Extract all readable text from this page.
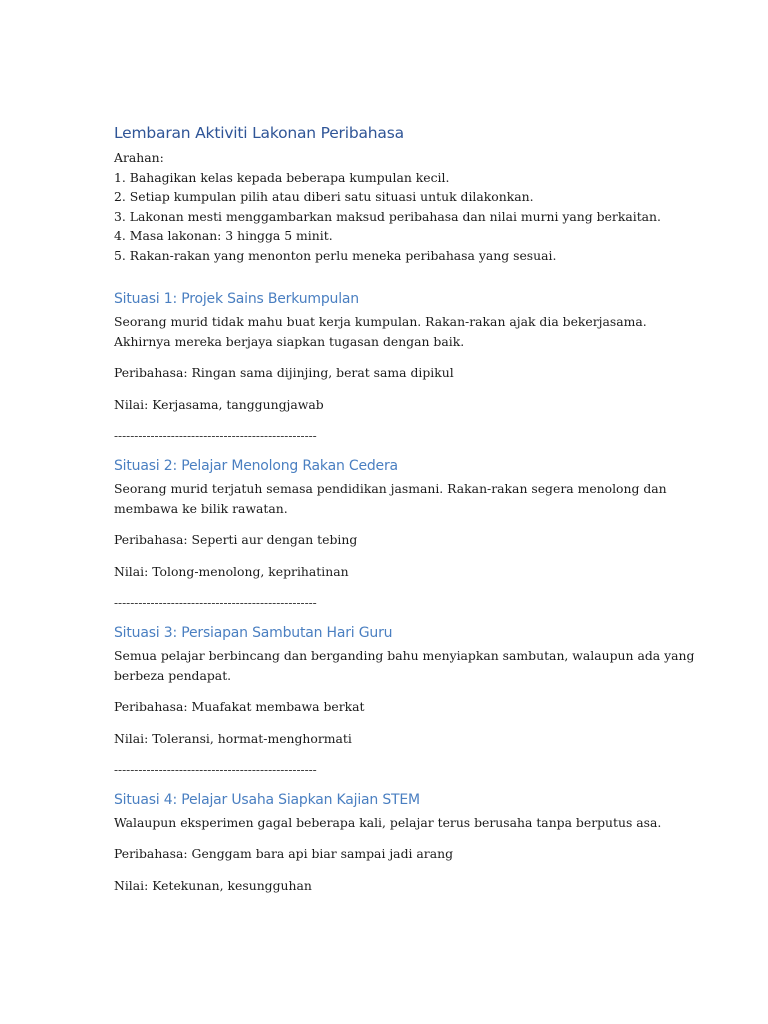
Lembaran Aktiviti Lakonan Peribahasa

Arahan:

1. Bahagikan kelas kepada beberapa kumpulan kecil.

2. Setiap kumpulan pilih atau diberi satu situasi untuk dilakonkan.

3. Lakonan mesti menggambarkan maksud peribahasa dan nilai murni yang berkaitan.

4. Masa lakonan: 3 hingga 5 minit.

5. Rakan-rakan yang menonton perlu meneka peribahasa yang sesuai.

Situasi 1: Projek Sains Berkumpulan
Seorang murid tidak mahu buat kerja kumpulan. Rakan-rakan ajak dia bekerjasama.
Akhirnya mereka berjaya siapkan tugasan dengan baik.

Peribahasa: Ringan sama dijinjing, berat sama dipikul

Nilai: Kerjasama, tanggungjawab

--------------------------------------------------

Situasi 2: Pelajar Menolong Rakan Cedera
Seorang murid terjatuh semasa pendidikan jasmani. Rakan-rakan segera menolong dan
membawa ke bilik rawatan.

Peribahasa: Seperti aur dengan tebing

Nilai: Tolong-menolong, keprihatinan

--------------------------------------------------

Situasi 3: Persiapan Sambutan Hari Guru
Semua pelajar berbincang dan berganding bahu menyiapkan sambutan, walaupun ada yang
berbeza pendapat.

Peribahasa: Muafakat membawa berkat

Nilai: Toleransi, hormat-menghormati

--------------------------------------------------

Situasi 4: Pelajar Usaha Siapkan Kajian STEM
Walaupun eksperimen gagal beberapa kali, pelajar terus berusaha tanpa berputus asa.

Peribahasa: Genggam bara api biar sampai jadi arang

Nilai: Ketekunan, kesungguhan
